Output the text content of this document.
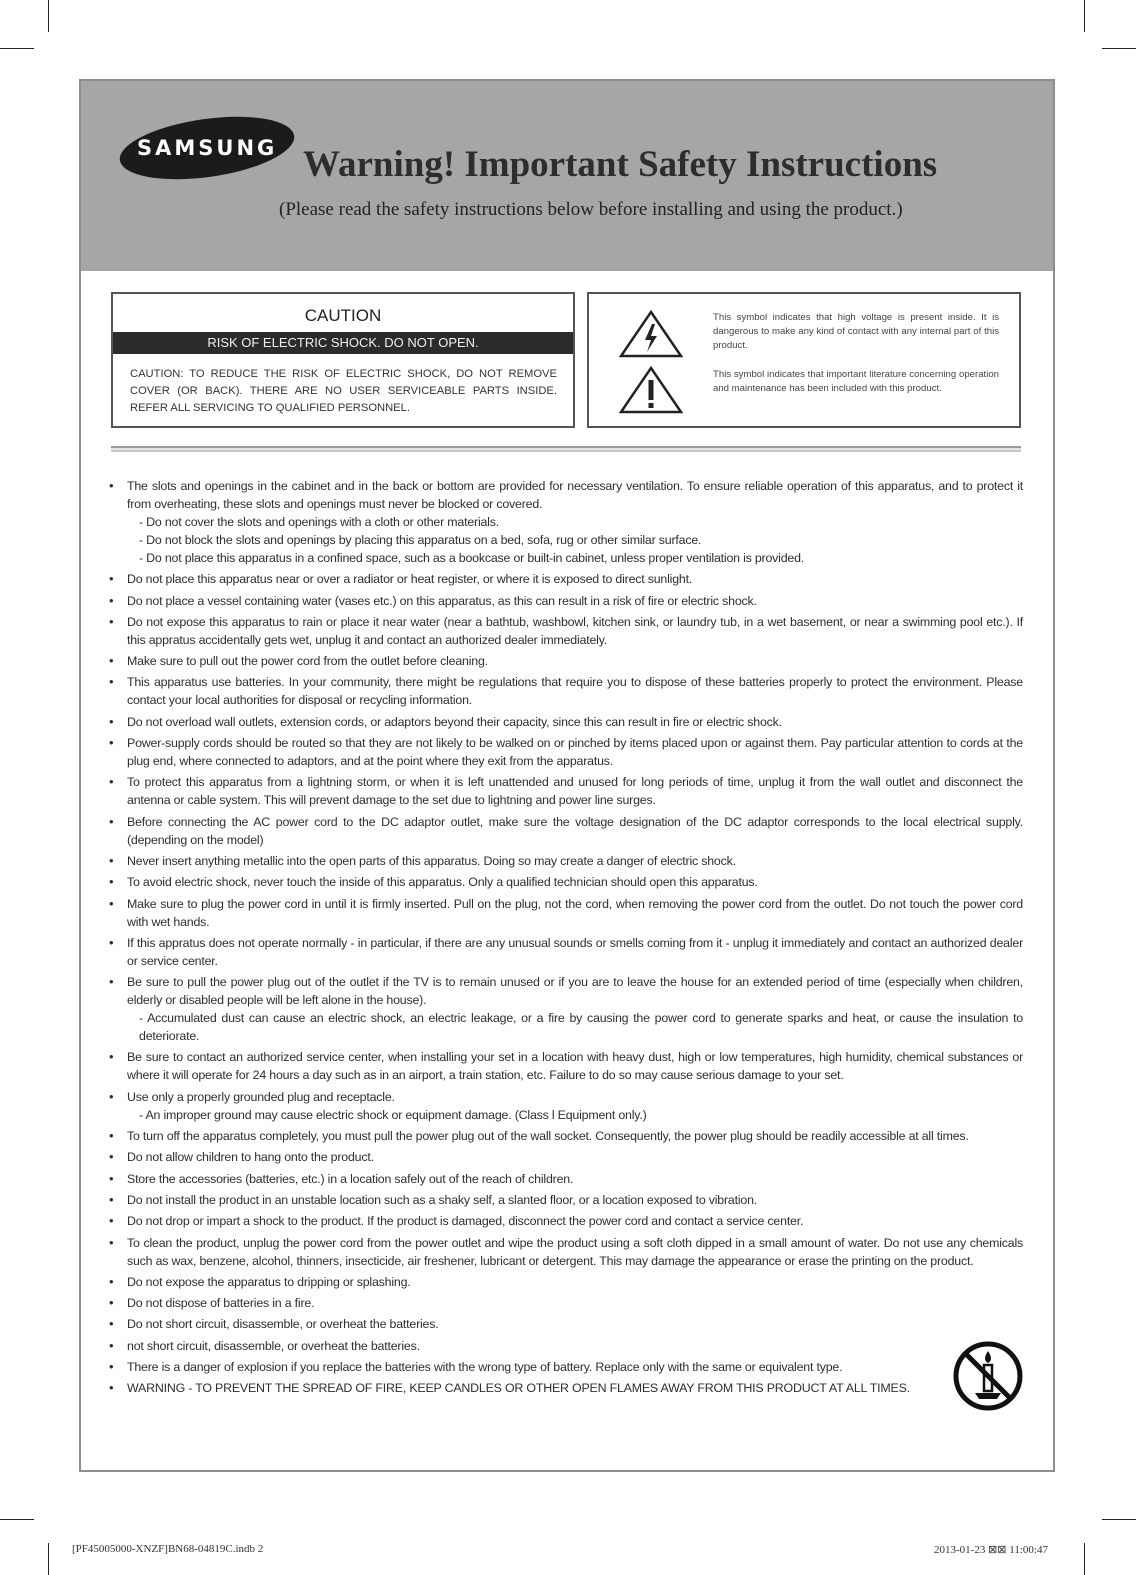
SAMSUNG Warning! Important Safety Instructions
(Please read the safety instructions below before installing and using the product.)
CAUTION
RISK OF ELECTRIC SHOCK. DO NOT OPEN.
CAUTION: TO REDUCE THE RISK OF ELECTRIC SHOCK, DO NOT REMOVE COVER (OR BACK). THERE ARE NO USER SERVICEABLE PARTS INSIDE. REFER ALL SERVICING TO QUALIFIED PERSONNEL.
This symbol indicates that high voltage is present inside. It is dangerous to make any kind of contact with any internal part of this product.
This symbol indicates that important literature concerning operation and maintenance has been included with this product.
• The slots and openings in the cabinet and in the back or bottom are provided for necessary ventilation. To ensure reliable operation of this apparatus, and to protect it from overheating, these slots and openings must never be blocked or covered.
- Do not cover the slots and openings with a cloth or other materials.
- Do not block the slots and openings by placing this apparatus on a bed, sofa, rug or other similar surface.
- Do not place this apparatus in a confined space, such as a bookcase or built-in cabinet, unless proper ventilation is provided.
• Do not place this apparatus near or over a radiator or heat register, or where it is exposed to direct sunlight.
• Do not place a vessel containing water (vases etc.) on this apparatus, as this can result in a risk of fire or electric shock.
• Do not expose this apparatus to rain or place it near water (near a bathtub, washbowl, kitchen sink, or laundry tub, in a wet basement, or near a swimming pool etc.). If this appratus accidentally gets wet, unplug it and contact an authorized dealer immediately.
• Make sure to pull out the power cord from the outlet before cleaning.
• This apparatus use batteries. In your community, there might be regulations that require you to dispose of these batteries properly to protect the environment. Please contact your local authorities for disposal or recycling information.
• Do not overload wall outlets, extension cords, or adaptors beyond their capacity, since this can result in fire or electric shock.
• Power-supply cords should be routed so that they are not likely to be walked on or pinched by items placed upon or against them. Pay particular attention to cords at the plug end, where connected to adaptors, and at the point where they exit from the apparatus.
• To protect this apparatus from a lightning storm, or when it is left unattended and unused for long periods of time, unplug it from the wall outlet and disconnect the antenna or cable system. This will prevent damage to the set due to lightning and power line surges.
• Before connecting the AC power cord to the DC adaptor outlet, make sure the voltage designation of the DC adaptor corresponds to the local electrical supply. (depending on the model)
• Never insert anything metallic into the open parts of this apparatus. Doing so may create a danger of electric shock.
• To avoid electric shock, never touch the inside of this apparatus. Only a qualified technician should open this apparatus.
• Make sure to plug the power cord in until it is firmly inserted. Pull on the plug, not the cord, when removing the power cord from the outlet. Do not touch the power cord with wet hands.
• If this appratus does not operate normally - in particular, if there are any unusual sounds or smells coming from it - unplug it immediately and contact an authorized dealer or service center.
• Be sure to pull the power plug out of the outlet if the TV is to remain unused or if you are to leave the house for an extended period of time (especially when children, elderly or disabled people will be left alone in the house).
- Accumulated dust can cause an electric shock, an electric leakage, or a fire by causing the power cord to generate sparks and heat, or cause the insulation to deteriorate.
• Be sure to contact an authorized service center, when installing your set in a location with heavy dust, high or low temperatures, high humidity, chemical substances or where it will operate for 24 hours a day such as in an airport, a train station, etc. Failure to do so may cause serious damage to your set.
• Use only a properly grounded plug and receptacle.
- An improper ground may cause electric shock or equipment damage. (Class l Equipment only.)
• To turn off the apparatus completely, you must pull the power plug out of the wall socket. Consequently, the power plug should be readily accessible at all times.
• Do not allow children to hang onto the product.
• Store the accessories (batteries, etc.) in a location safely out of the reach of children.
• Do not install the product in an unstable location such as a shaky self, a slanted floor, or a location exposed to vibration.
• Do not drop or impart a shock to the product. If the product is damaged, disconnect the power cord and contact a service center.
• To clean the product, unplug the power cord from the power outlet and wipe the product using a soft cloth dipped in a small amount of water. Do not use any chemicals such as wax, benzene, alcohol, thinners, insecticide, air freshener, lubricant or detergent. This may damage the appearance or erase the printing on the product.
• Do not expose the apparatus to dripping or splashing.
• Do not dispose of batteries in a fire.
• Do not short circuit, disassemble, or overheat the batteries.
• not short circuit, disassemble, or overheat the batteries.
• There is a danger of explosion if you replace the batteries with the wrong type of battery. Replace only with the same or equivalent type.
• WARNING - TO PREVENT THE SPREAD OF FIRE, KEEP CANDLES OR OTHER OPEN FLAMES AWAY FROM THIS PRODUCT AT ALL TIMES.
[PF45005000-XNZF]BN68-04819C.indb 2	2013-01-23 ⊠⊠ 11:00:47
